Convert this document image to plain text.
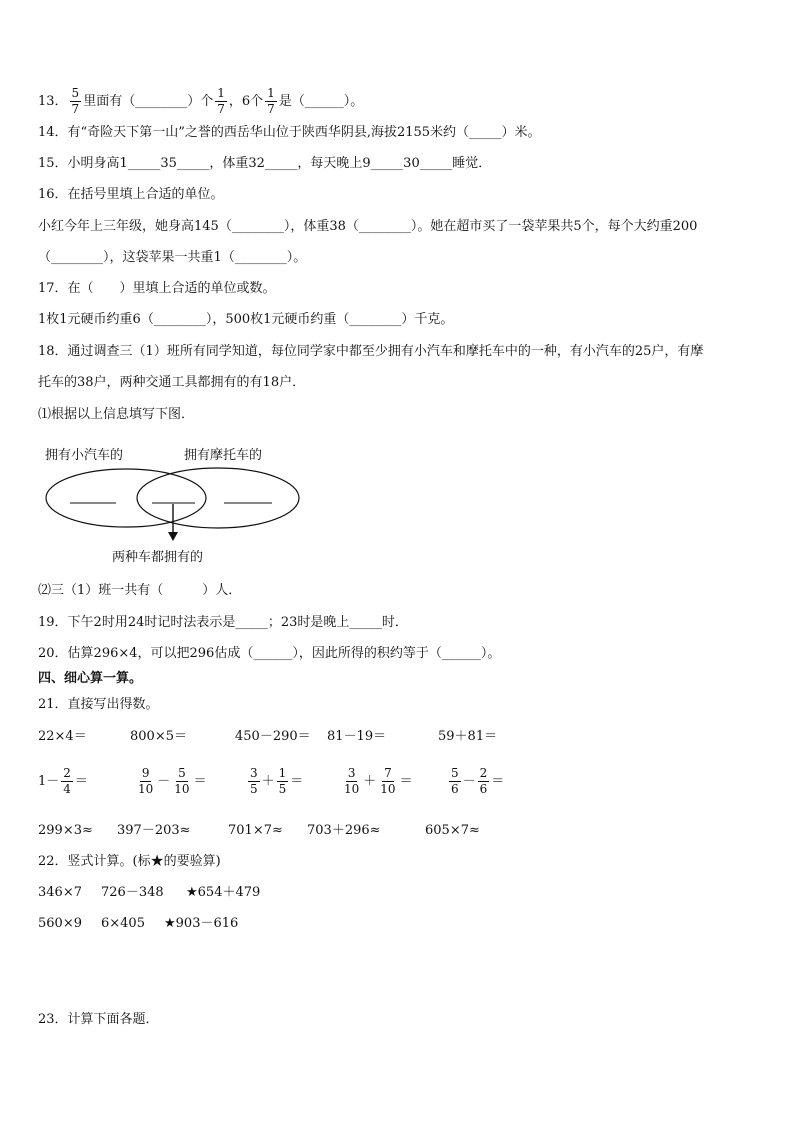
13． $\frac{5}{7}$ 里面有（________）个 $\frac{1}{7}$ ，6个 $\frac{1}{7}$ 是（______）。
14．有“奇险天下第一山”之誉的西岳华山位于陕西华阴县,海拔2155米约（_____）米。
15．小明身高1_____35_____，体重32_____，每天晚上9_____30_____睡觉．
16．在括号里填上合适的单位。
小红今年上三年级，她身高145（________），体重38（________）。她在超市买了一袋苹果共5个，每个大约重200
（________），这袋苹果一共重1（________）。
17．在（　　）里填上合适的单位或数。
1枚1元硬币约重6（________），500枚1元硬币约重（________）千克。
18．通过调查三（1）班所有同学知道，每位同学家中都至少拥有小汽车和摩托车中的一种，有小汽车的25户，有摩
托车的38户，两种交通工具都拥有的有18户．
⑴根据以上信息填写下图．
拥有小汽车的	拥有摩托车的
两种车都拥有的
⑵三（1）班一共有（　　　）人．
19．下午2时用24时记时法表示是_____；23时是晚上_____时．
20．估算296×4，可以把296估成（______），因此所得的积约等于（______）。
四、细心算一算。
21．直接写出得数。
22×4＝	800×5＝	450－290＝ 81－19＝	59＋81＝
$1- \frac{2}{4}$ ＝	$\frac{9}{10} - \frac{5}{10}$ ＝	$\frac{3}{5} + \frac{1}{5}$ ＝	$\frac{3}{10} + \frac{7}{10}$ ＝	$\frac{5}{6} - \frac{2}{6}$ ＝
299×3≈ 397－203≈	701×7≈ 703＋296≈	605×7≈
22．竖式计算。(标★的要验算)
346×7 726－348 ★654＋479
560×9 6×405 ★903－616
23．计算下面各题．
